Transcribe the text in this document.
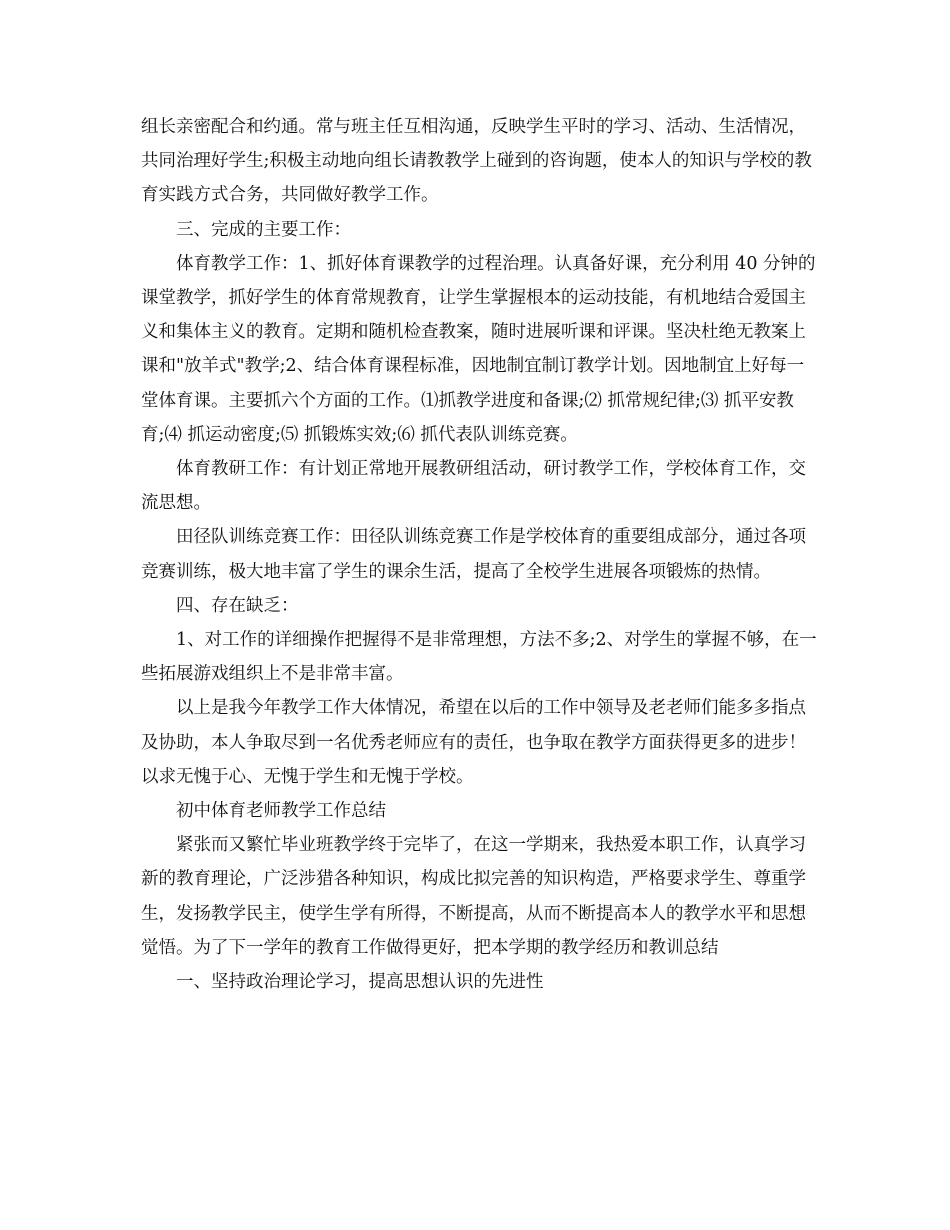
组长亲密配合和约通。常与班主任互相沟通，反映学生平时的学习、活动、生活情况，共同治理好学生;积极主动地向组长请教教学上碰到的咨询题，使本人的知识与学校的教育实践方式合务，共同做好教学工作。

三、完成的主要工作：

体育教学工作：1、抓好体育课教学的过程治理。认真备好课，充分利用 40 分钟的课堂教学，抓好学生的体育常规教育，让学生掌握根本的运动技能，有机地结合爱国主义和集体主义的教育。定期和随机检查教案，随时进展听课和评课。坚决杜绝无教案上课和"放羊式"教学;2、结合体育课程标准，因地制宜制订教学计划。因地制宜上好每一堂体育课。主要抓六个方面的工作。⑴抓教学进度和备课;⑵ 抓常规纪律;⑶ 抓平安教育;⑷ 抓运动密度;⑸ 抓锻炼实效;⑹ 抓代表队训练竞赛。

体育教研工作：有计划正常地开展教研组活动，研讨教学工作，学校体育工作，交流思想。

田径队训练竞赛工作：田径队训练竞赛工作是学校体育的重要组成部分，通过各项竞赛训练，极大地丰富了学生的课余生活，提高了全校学生进展各项锻炼的热情。

四、存在缺乏：

1、对工作的详细操作把握得不是非常理想，方法不多;2、对学生的掌握不够，在一些拓展游戏组织上不是非常丰富。

以上是我今年教学工作大体情况，希望在以后的工作中领导及老老师们能多多指点及协助，本人争取尽到一名优秀老师应有的责任，也争取在教学方面获得更多的进步！以求无愧于心、无愧于学生和无愧于学校。

初中体育老师教学工作总结

紧张而又繁忙毕业班教学终于完毕了，在这一学期来，我热爱本职工作，认真学习新的教育理论，广泛涉猎各种知识，构成比拟完善的知识构造，严格要求学生、尊重学生，发扬教学民主，使学生学有所得，不断提高，从而不断提高本人的教学水平和思想觉悟。为了下一学年的教育工作做得更好，把本学期的教学经历和教训总结

一、坚持政治理论学习，提高思想认识的先进性
